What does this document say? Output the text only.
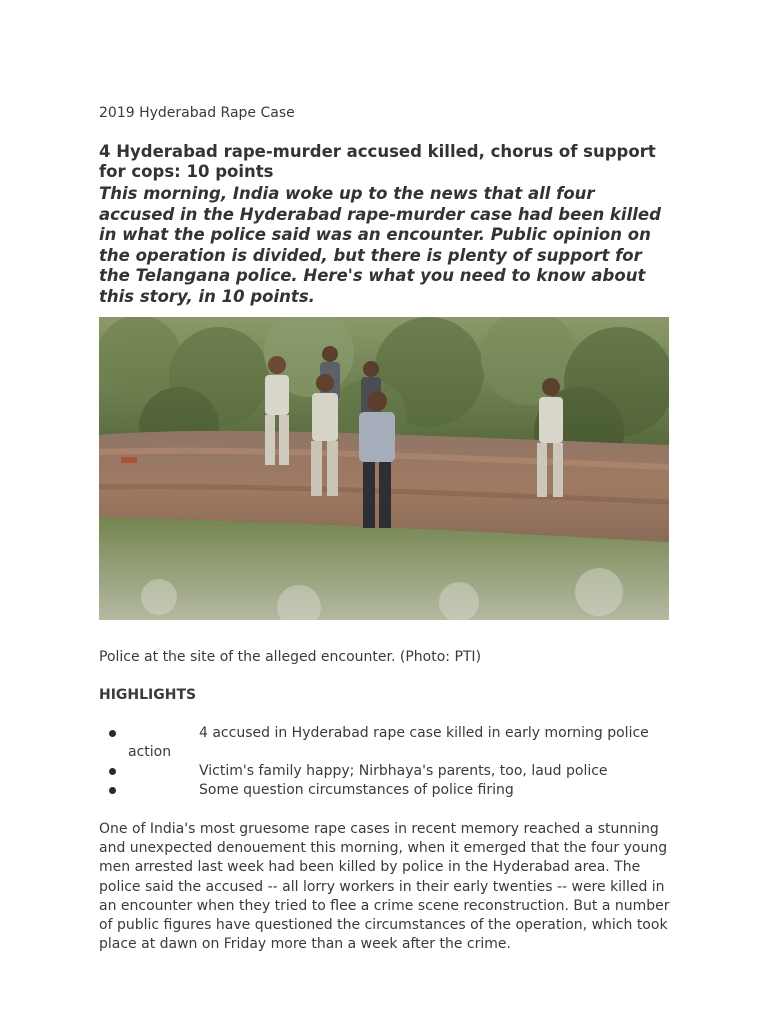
2019 Hyderabad Rape Case
4 Hyderabad rape-murder accused killed, chorus of support for cops: 10 points

This morning, India woke up to the news that all four accused in the Hyderabad rape-murder case had been killed in what the police said was an encounter. Public opinion on the operation is divided, but there is plenty of support for the Telangana police. Here's what you need to know about this story, in 10 points.

Police at the site of the alleged encounter. (Photo: PTI)
HIGHLIGHTS
4 accused in Hyderabad rape case killed in early morning police action
Victim's family happy; Nirbhaya's parents, too, laud police
Some question circumstances of police firing

One of India's most gruesome rape cases in recent memory reached a stunning and unexpected denouement this morning, when it emerged that the four young men arrested last week had been killed by police in the Hyderabad area. The police said the accused -- all lorry workers in their early twenties -- were killed in an encounter when they tried to flee a crime scene reconstruction. But a number of public figures have questioned the circumstances of the operation, which took place at dawn on Friday more than a week after the crime.
